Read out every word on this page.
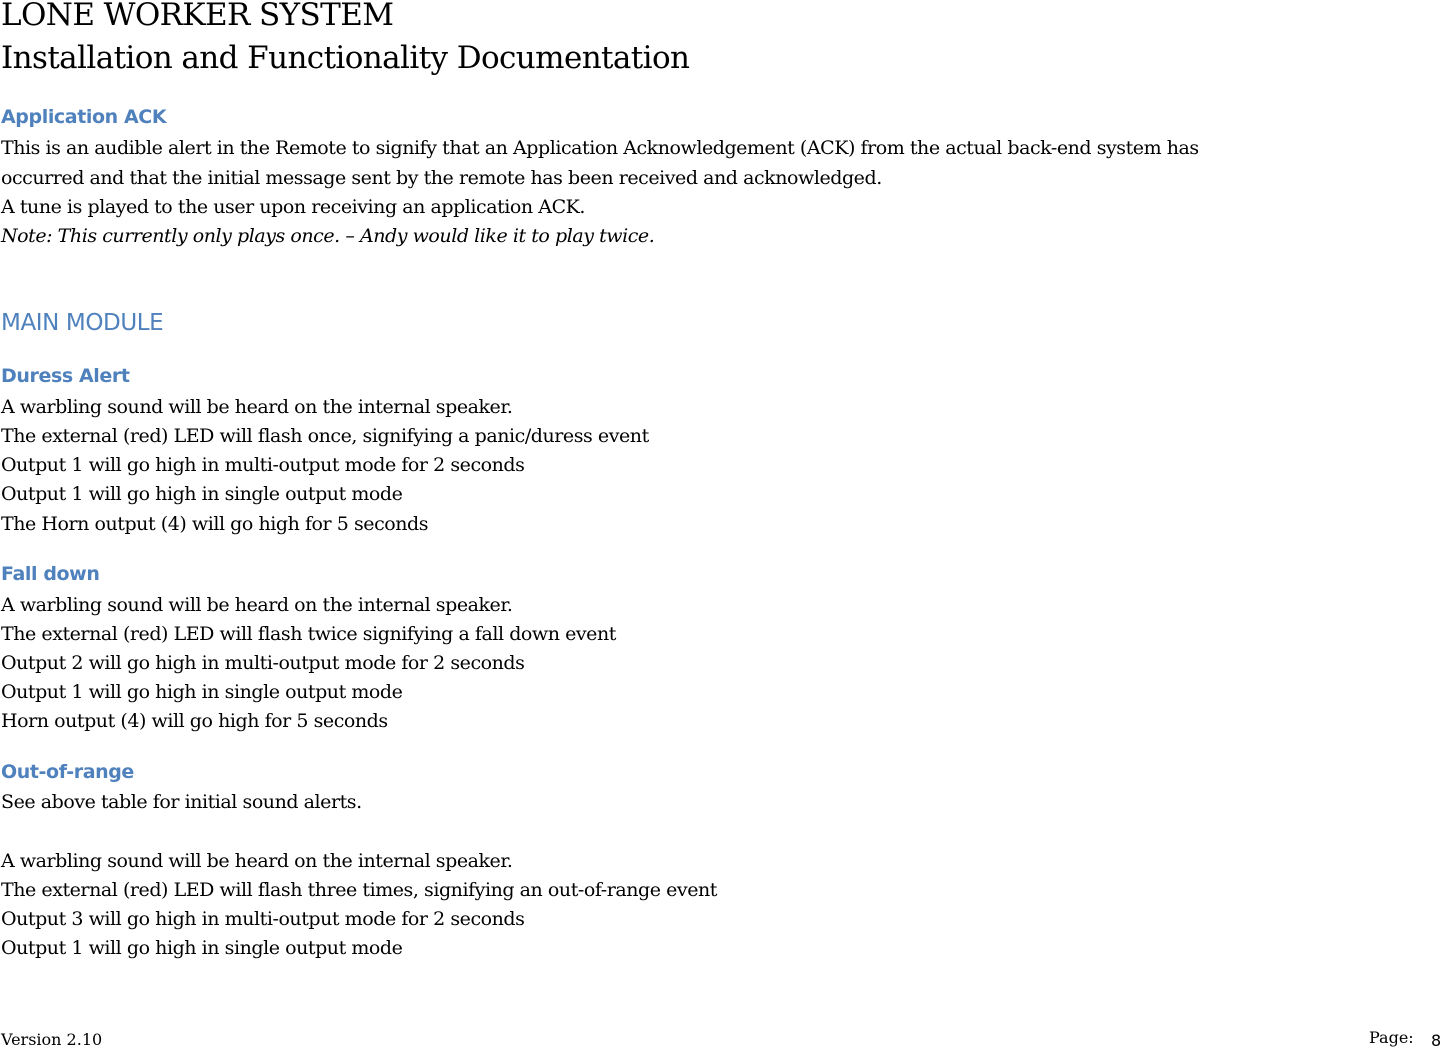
LONE WORKER SYSTEM
Installation and Functionality Documentation
Application ACK
This is an audible alert in the Remote to signify that an Application Acknowledgement (ACK) from the actual back-end system has
occurred and that the initial message sent by the remote has been received and acknowledged.
A tune is played to the user upon receiving an application ACK.
Note: This currently only plays once. – Andy would like it to play twice.
MAIN MODULE
Duress Alert
A warbling sound will be heard on the internal speaker.
The external (red) LED will flash once, signifying a panic/duress event
Output 1 will go high in multi-output mode for 2 seconds
Output 1 will go high in single output mode
The Horn output (4) will go high for 5 seconds
Fall down
A warbling sound will be heard on the internal speaker.
The external (red) LED will flash twice signifying a fall down event
Output 2 will go high in multi-output mode for 2 seconds
Output 1 will go high in single output mode
Horn output (4) will go high for 5 seconds
Out-of-range
See above table for initial sound alerts.
A warbling sound will be heard on the internal speaker.
The external (red) LED will flash three times, signifying an out-of-range event
Output 3 will go high in multi-output mode for 2 seconds
Output 1 will go high in single output mode
Version 2.10	Page: 8
